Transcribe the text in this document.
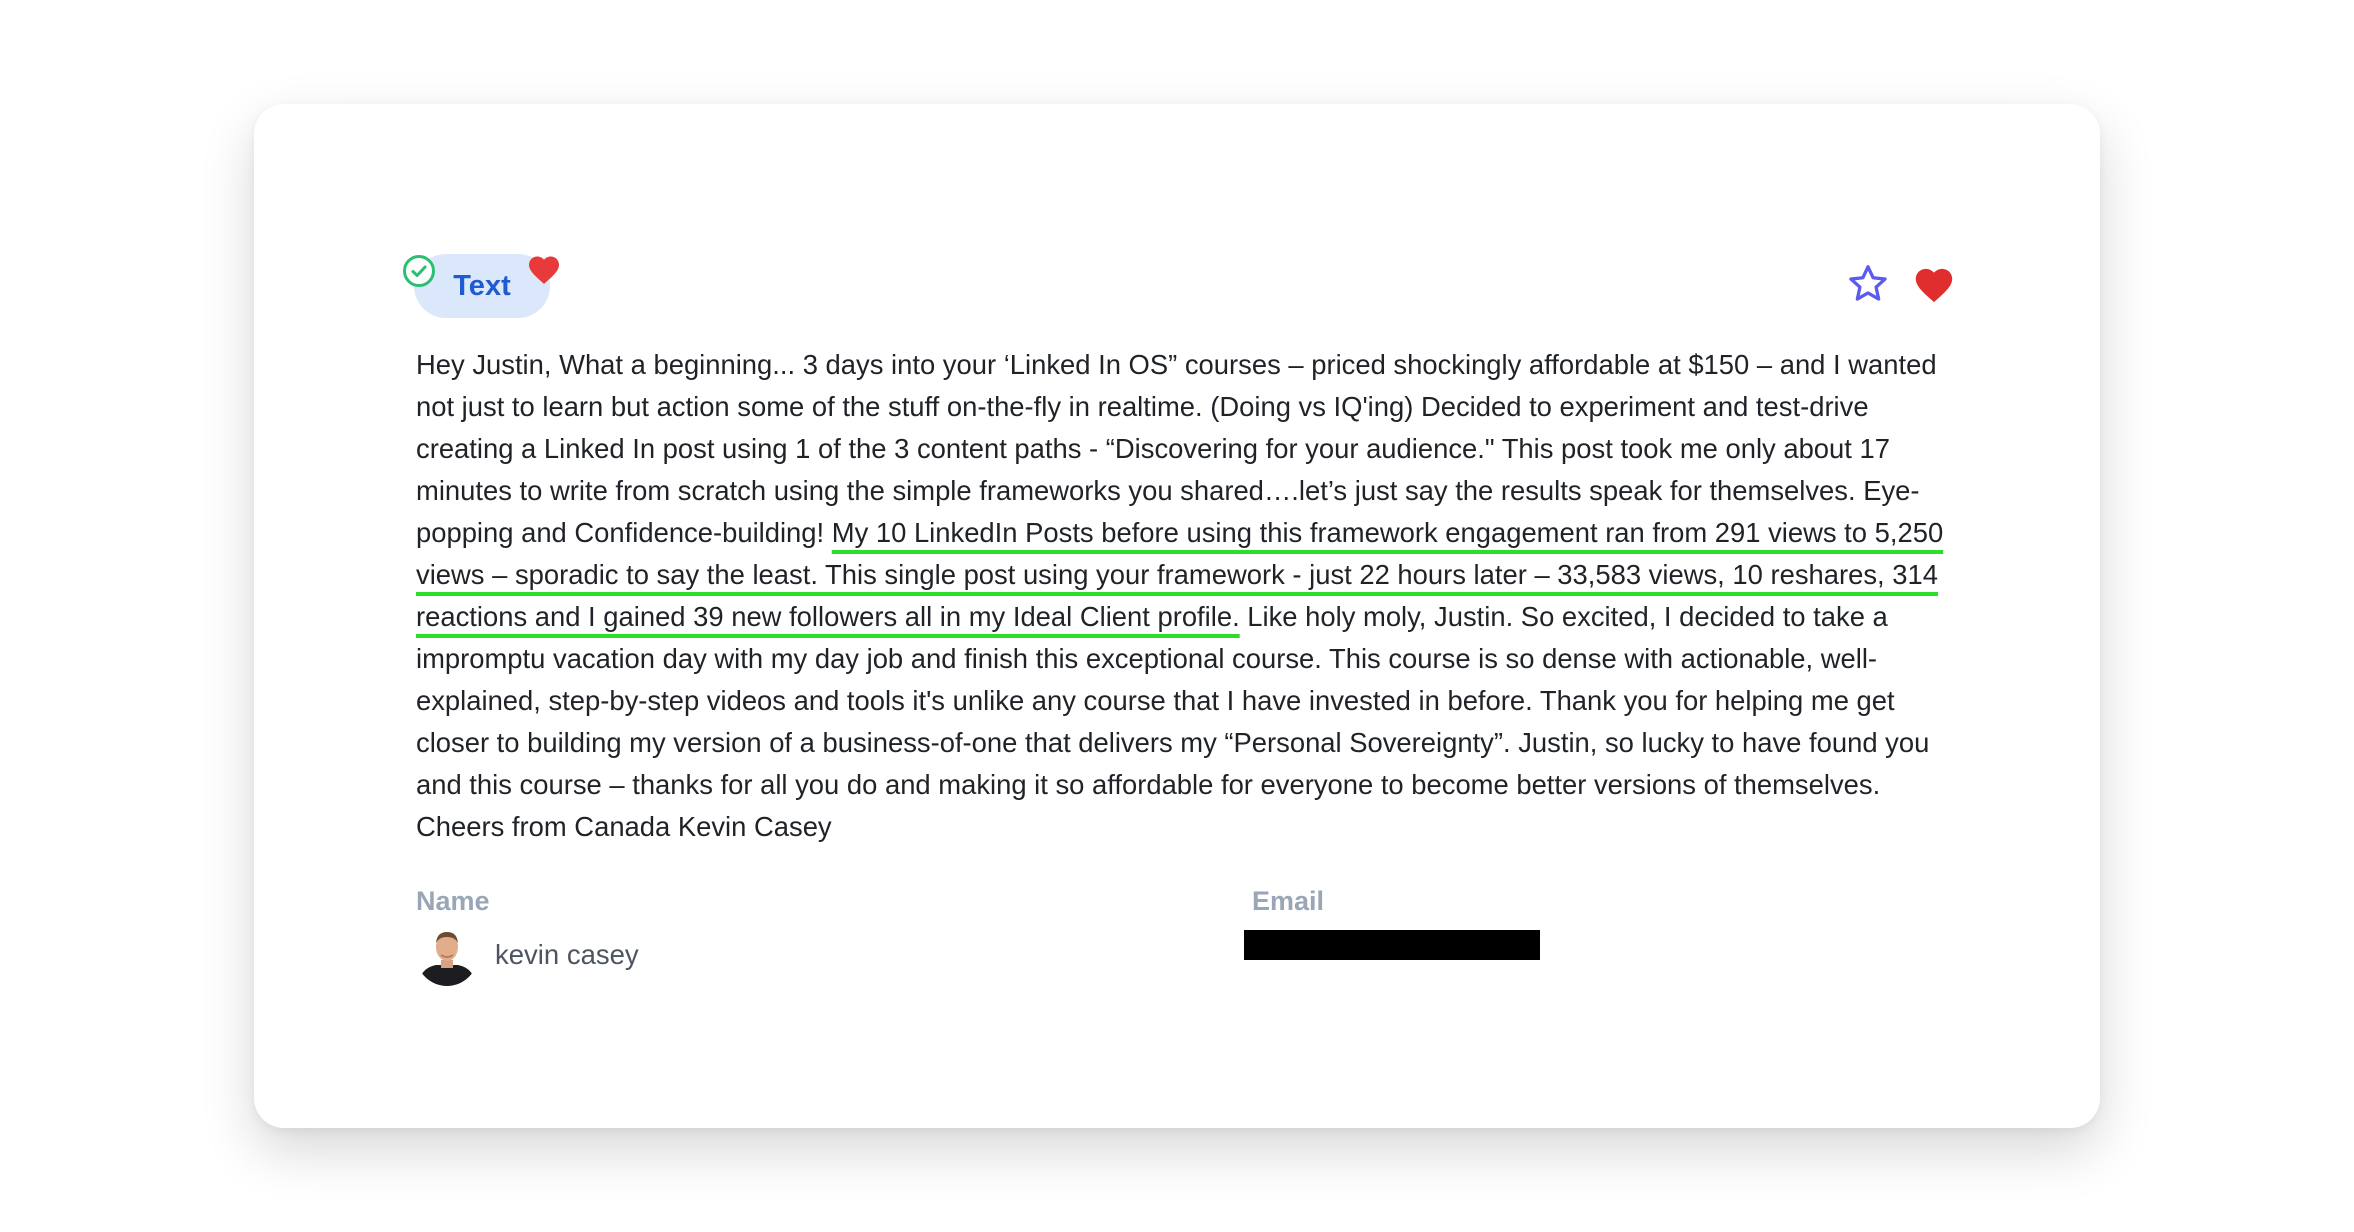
Text

Hey Justin, What a beginning... 3 days into your ‘Linked In OS” courses – priced shockingly affordable at $150 – and I wanted not just to learn but action some of the stuff on-the-fly in realtime. (Doing vs IQ'ing) Decided to experiment and test-drive creating a Linked In post using 1 of the 3 content paths - “Discovering for your audience." This post took me only about 17 minutes to write from scratch using the simple frameworks you shared….let’s just say the results speak for themselves. Eye-popping and Confidence-building! My 10 LinkedIn Posts before using this framework engagement ran from 291 views to 5,250 views – sporadic to say the least. This single post using your framework - just 22 hours later – 33,583 views, 10 reshares, 314 reactions and I gained 39 new followers all in my Ideal Client profile. Like holy moly, Justin. So excited, I decided to take a impromptu vacation day with my day job and finish this exceptional course. This course is so dense with actionable, well-explained, step-by-step videos and tools it's unlike any course that I have invested in before. Thank you for helping me get closer to building my version of a business-of-one that delivers my “Personal Sovereignty”. Justin, so lucky to have found you and this course – thanks for all you do and making it so affordable for everyone to become better versions of themselves. Cheers from Canada Kevin Casey

Name
kevin casey
Email
[redacted]
